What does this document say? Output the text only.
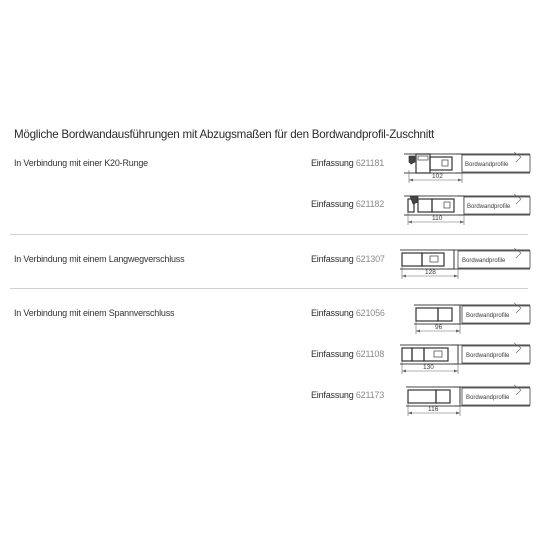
Mögliche Bordwandausführungen mit Abzugsmaßen für den Bordwandprofil-Zuschnitt
In Verbindung mit einer K20-Runge	Einfassung 621181
102
Bordwandprofile
Einfassung 621182
110
Bordwandprofile
In Verbindung mit einem Langwegverschluss	Einfassung 621307
128
Bordwandprofile
In Verbindung mit einem Spannverschluss	Einfassung 621056
96
Bordwandprofile
Einfassung 621108
130
Bordwandprofile
Einfassung 621173
116
Bordwandprofile
